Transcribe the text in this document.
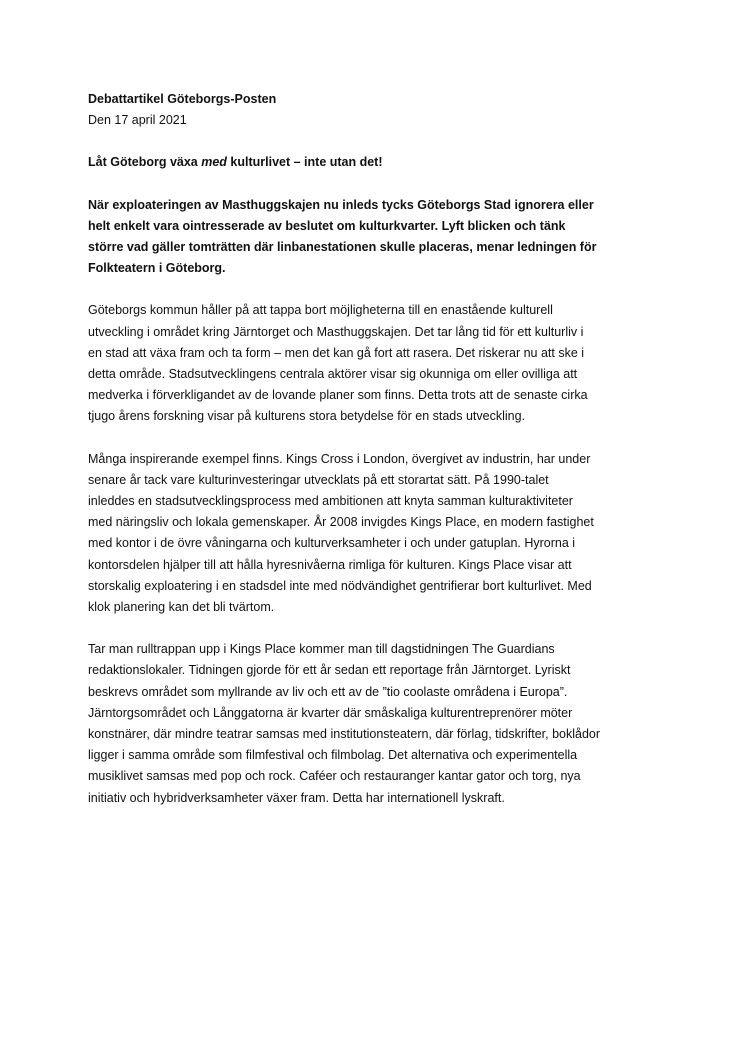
Debattartikel Göteborgs-Posten
Den 17 april 2021

Låt Göteborg växa med kulturlivet – inte utan det!

När exploateringen av Masthuggskajen nu inleds tycks Göteborgs Stad ignorera eller
helt enkelt vara ointresserade av beslutet om kulturkvarter. Lyft blicken och tänk
större vad gäller tomträtten där linbanestationen skulle placeras, menar ledningen för
Folkteatern i Göteborg.

Göteborgs kommun håller på att tappa bort möjligheterna till en enastående kulturell
utveckling i området kring Järntorget och Masthuggskajen. Det tar lång tid för ett kulturliv i
en stad att växa fram och ta form – men det kan gå fort att rasera. Det riskerar nu att ske i
detta område. Stadsutvecklingens centrala aktörer visar sig okunniga om eller ovilliga att
medverka i förverkligandet av de lovande planer som finns. Detta trots att de senaste cirka
tjugo årens forskning visar på kulturens stora betydelse för en stads utveckling.

Många inspirerande exempel finns. Kings Cross i London, övergivet av industrin, har under
senare år tack vare kulturinvesteringar utvecklats på ett storartat sätt. På 1990-talet
inleddes en stadsutvecklingsprocess med ambitionen att knyta samman kulturaktiviteter
med näringsliv och lokala gemenskaper. År 2008 invigdes Kings Place, en modern fastighet
med kontor i de övre våningarna och kulturverksamheter i och under gatuplan. Hyrorna i
kontorsdelen hjälper till att hålla hyresnivåerna rimliga för kulturen. Kings Place visar att
storskalig exploatering i en stadsdel inte med nödvändighet gentrifierar bort kulturlivet. Med
klok planering kan det bli tvärtom.

Tar man rulltrappan upp i Kings Place kommer man till dagstidningen The Guardians
redaktionslokaler. Tidningen gjorde för ett år sedan ett reportage från Järntorget. Lyriskt
beskrevs området som myllrande av liv och ett av de ”tio coolaste områdena i Europa”.
Järntorgsområdet och Långgatorna är kvarter där småskaliga kulturentreprenörer möter
konstnärer, där mindre teatrar samsas med institutionsteatern, där förlag, tidskrifter, boklådor
ligger i samma område som filmfestival och filmbolag. Det alternativa och experimentella
musiklivet samsas med pop och rock. Caféer och restauranger kantar gator och torg, nya
initiativ och hybridverksamheter växer fram. Detta har internationell lyskraft.
